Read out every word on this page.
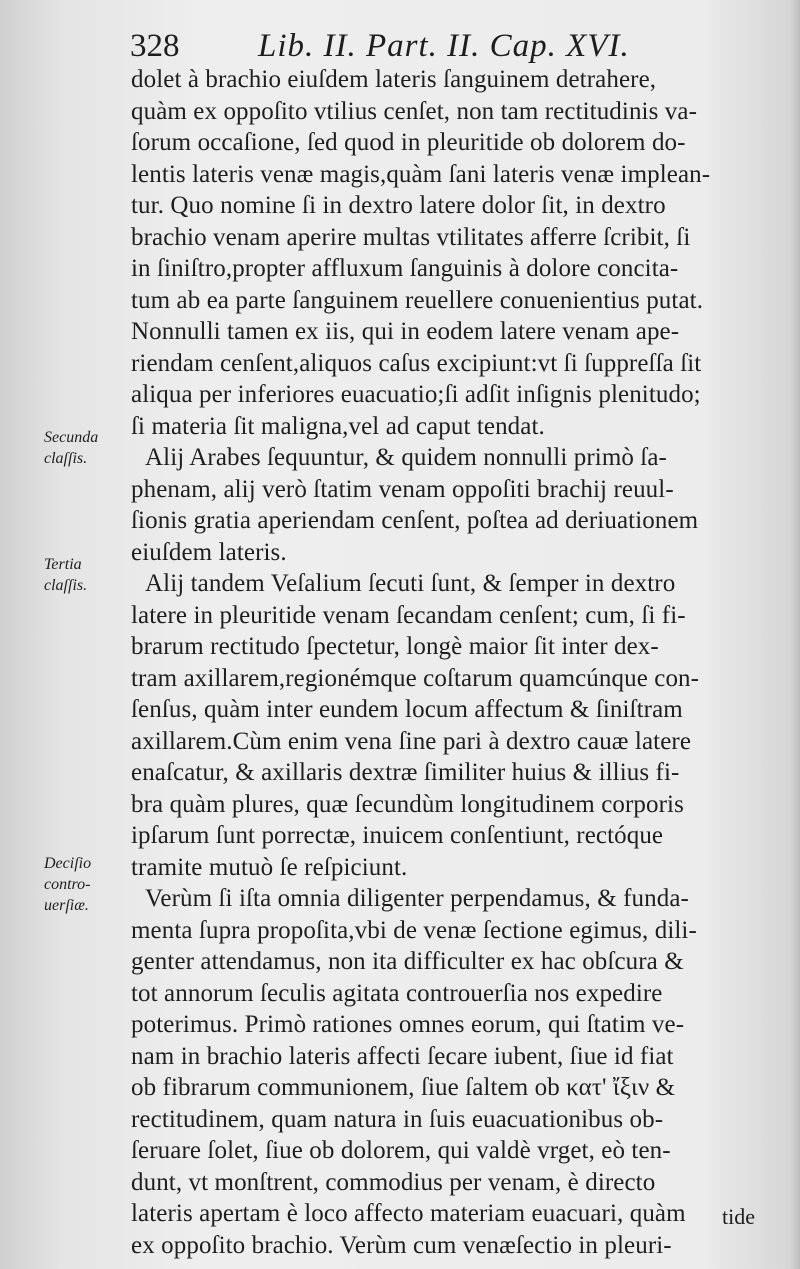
328 Lib. II. Part. II. Cap. XVI.
Secunda
claſſis.
Tertia
claſſis.
Deciſio
contro-
uerſiæ.
dolet à brachio eiuſdem lateris ſanguinem detrahere,
quàm ex oppoſito vtilius cenſet, non tam rectitudinis va-
ſorum occaſione, ſed quod in pleuritide ob dolorem do-
lentis lateris venæ magis,quàm ſani lateris venæ implean-
tur. Quo nomine ſi in dextro latere dolor ſit, in dextro
brachio venam aperire multas vtilitates afferre ſcribit, ſi
in ſiniſtro,propter affluxum ſanguinis à dolore concita-
tum ab ea parte ſanguinem reuellere conuenientius putat.
Nonnulli tamen ex iis, qui in eodem latere venam ape-
riendam cenſent,aliquos caſus excipiunt:vt ſi ſuppreſſa ſit
aliqua per inferiores euacuatio;ſi adſit inſignis plenitudo;
ſi materia ſit maligna,vel ad caput tendat.
Alij Arabes ſequuntur, & quidem nonnulli primò ſa-
phenam, alij verò ſtatim venam oppoſiti brachij reuul-
ſionis gratia aperiendam cenſent, poſtea ad deriuationem
eiuſdem lateris.
Alij tandem Veſalium ſecuti ſunt, & ſemper in dextro
latere in pleuritide venam ſecandam cenſent; cum, ſi fi-
brarum rectitudo ſpectetur, longè maior ſit inter dex-
tram axillarem,regionémque coſtarum quamcúnque con-
ſenſus, quàm inter eundem locum affectum & ſiniſtram
axillarem.Cùm enim vena ſine pari à dextro cauæ latere
enaſcatur, & axillaris dextræ ſimiliter huius & illius fi-
bra quàm plures, quæ ſecundùm longitudinem corporis
ipſarum ſunt porrectæ, inuicem conſentiunt, rectóque
tramite mutuò ſe reſpiciunt.
Verùm ſi iſta omnia diligenter perpendamus, & funda-
menta ſupra propoſita,vbi de venæ ſectione egimus, dili-
genter attendamus, non ita difficulter ex hac obſcura &
tot annorum ſeculis agitata controuerſia nos expedire
poterimus. Primò rationes omnes eorum, qui ſtatim ve-
nam in brachio lateris affecti ſecare iubent, ſiue id fiat
ob fibrarum communionem, ſiue ſaltem ob κατ' ἴξιν &
rectitudinem, quam natura in ſuis euacuationibus ob-
ſeruare ſolet, ſiue ob dolorem, qui valdè vrget, eò ten-
dunt, vt monſtrent, commodius per venam, è directo
lateris apertam è loco affecto materiam euacuari, quàm
ex oppoſito brachio. Verùm cum venæſectio in pleuri-
tide
